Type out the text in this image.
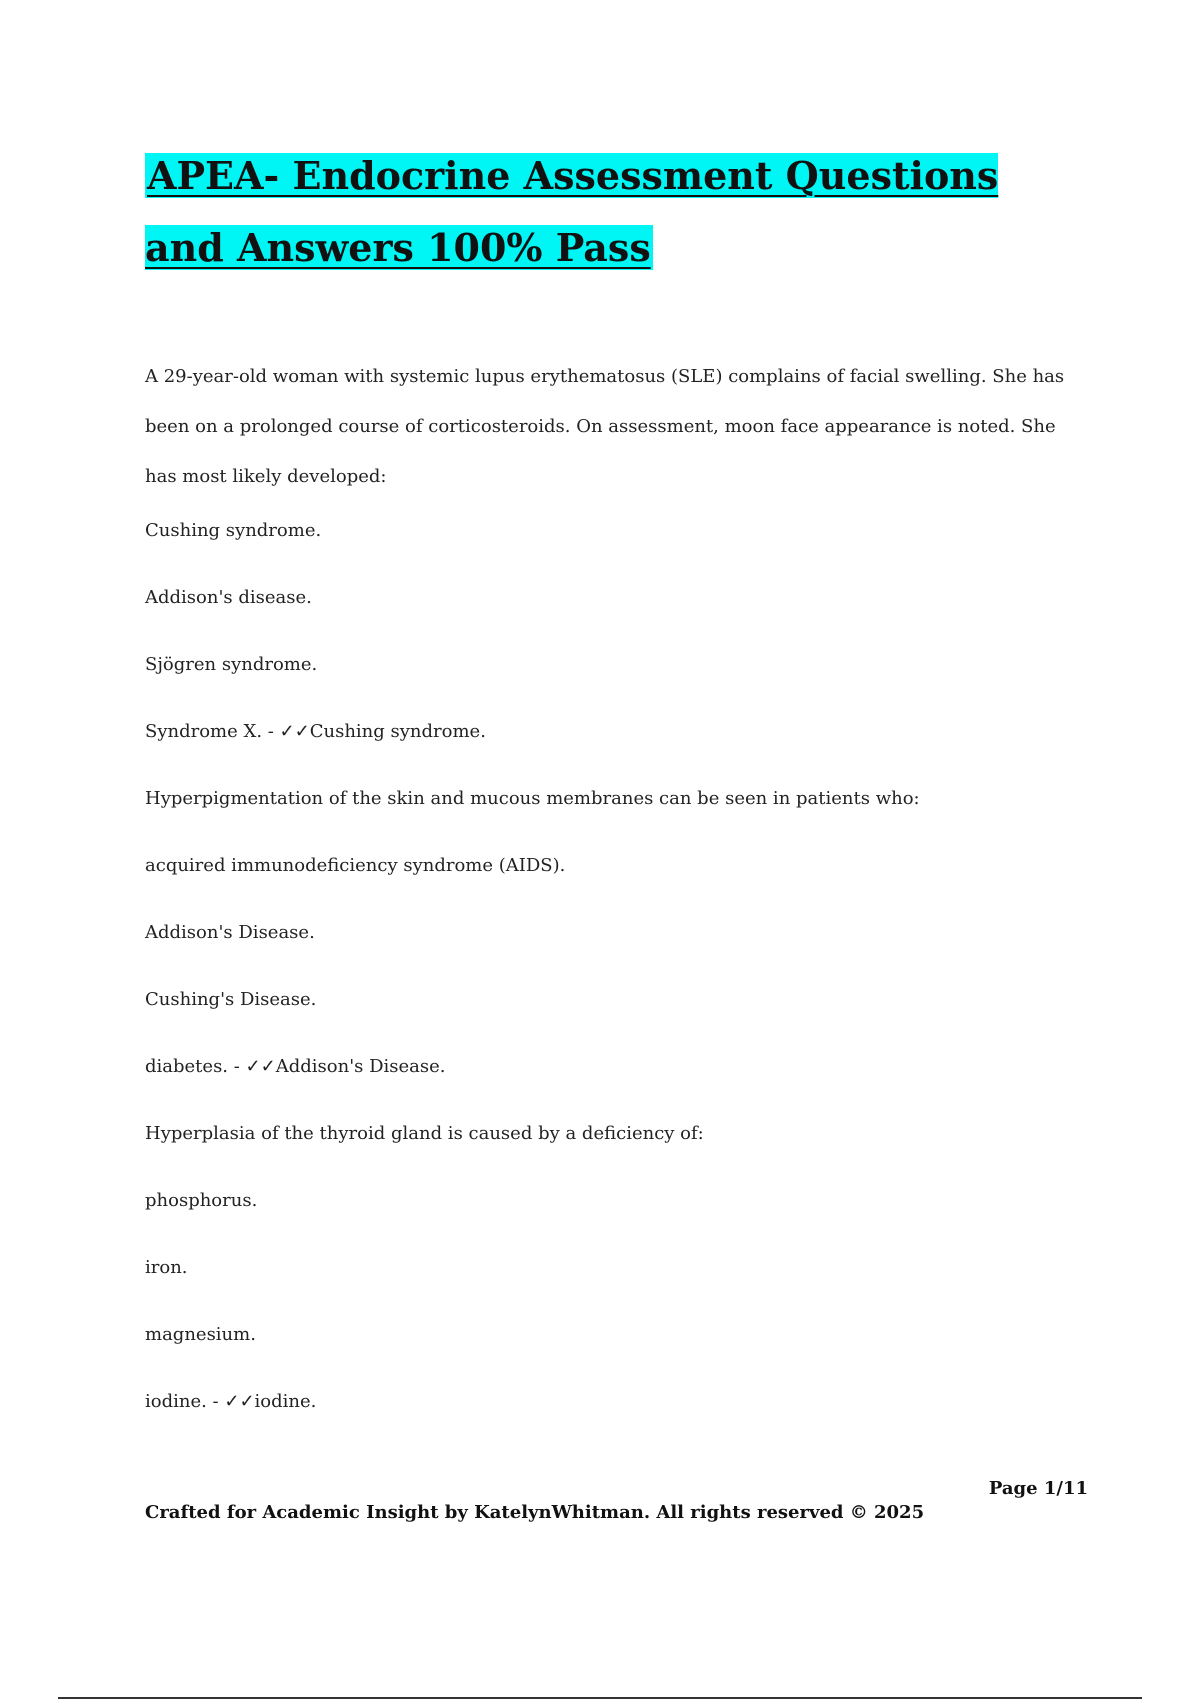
APEA- Endocrine Assessment Questions and Answers 100% Pass

A 29-year-old woman with systemic lupus erythematosus (SLE) complains of facial swelling. She has been on a prolonged course of corticosteroids. On assessment, moon face appearance is noted. She has most likely developed:

Cushing syndrome.

Addison's disease.

Sjögren syndrome.

Syndrome X. - ✓✓Cushing syndrome.

Hyperpigmentation of the skin and mucous membranes can be seen in patients who:

acquired immunodeficiency syndrome (AIDS).

Addison's Disease.

Cushing's Disease.

diabetes. - ✓✓Addison's Disease.

Hyperplasia of the thyroid gland is caused by a deficiency of:

phosphorus.

iron.

magnesium.

iodine. - ✓✓iodine.

Page 1/11
Crafted for Academic Insight by KatelynWhitman. All rights reserved © 2025
